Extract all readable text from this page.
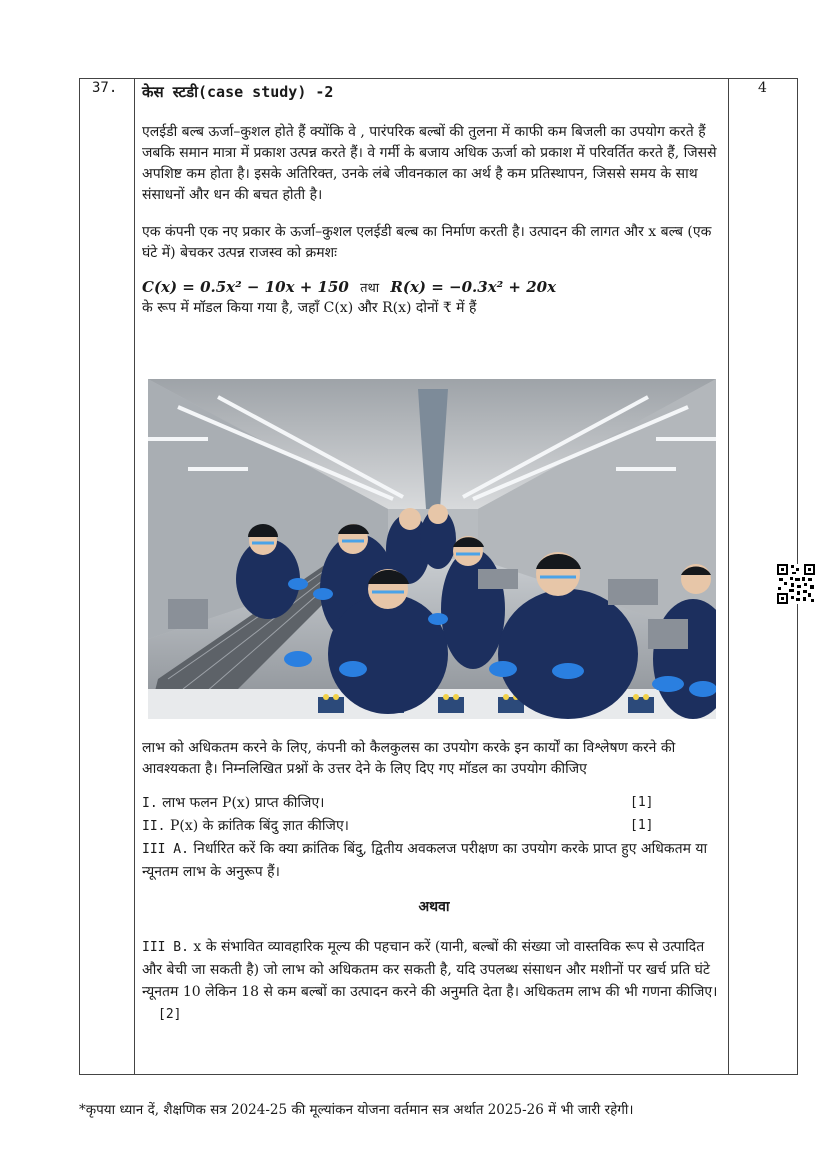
37.	4
केस स्टडी(case study) -2

एलईडी बल्ब ऊर्जा–कुशल होते हैं क्योंकि वे , पारंपरिक बल्बों की तुलना में काफी कम बिजली का उपयोग करते हैं जबकि समान मात्रा में प्रकाश उत्पन्न करते हैं। वे गर्मी के बजाय अधिक ऊर्जा को प्रकाश में परिवर्तित करते हैं, जिससे अपशिष्ट कम होता है। इसके अतिरिक्त, उनके लंबे जीवनकाल का अर्थ है कम प्रतिस्थापन, जिससे समय के साथ संसाधनों और धन की बचत होती है।

एक कंपनी एक नए प्रकार के ऊर्जा–कुशल एलईडी बल्ब का निर्माण करती है। उत्पादन की लागत और x बल्ब (एक घंटे में) बेचकर उत्पन्न राजस्व को क्रमशः

C(x) = 0.5x² − 10x + 150 तथा R(x) = −0.3x² + 20x

के रूप में मॉडल किया गया है, जहाँ C(x) और R(x) दोनों ₹ में हैं

लाभ को अधिकतम करने के लिए, कंपनी को कैलकुलस का उपयोग करके इन कार्यों का विश्लेषण करने की आवश्यकता है। निम्नलिखित प्रश्नों के उत्तर देने के लिए दिए गए मॉडल का उपयोग कीजिए

I. लाभ फलन P(x) प्राप्त कीजिए।	[1]
II. P(x) के क्रांतिक बिंदु ज्ञात कीजिए।	[1]
III A. निर्धारित करें कि क्या क्रांतिक बिंदु, द्वितीय अवकलज परीक्षण का उपयोग करके प्राप्त हुए अधिकतम या न्यूनतम लाभ के अनुरूप हैं।
अथवा
III B. x के संभावित व्यावहारिक मूल्य की पहचान करें (यानी, बल्बों की संख्या जो वास्तविक रूप से उत्पादित और बेची जा सकती है) जो लाभ को अधिकतम कर सकती है, यदि उपलब्ध संसाधन और मशीनों पर खर्च प्रति घंटे न्यूनतम 10 लेकिन 18 से कम बल्बों का उत्पादन करने की अनुमति देता है। अधिकतम लाभ की भी गणना कीजिए। [2]
*कृपया ध्यान दें, शैक्षणिक सत्र 2024-25 की मूल्यांकन योजना वर्तमान सत्र अर्थात 2025-26 में भी जारी रहेगी।
